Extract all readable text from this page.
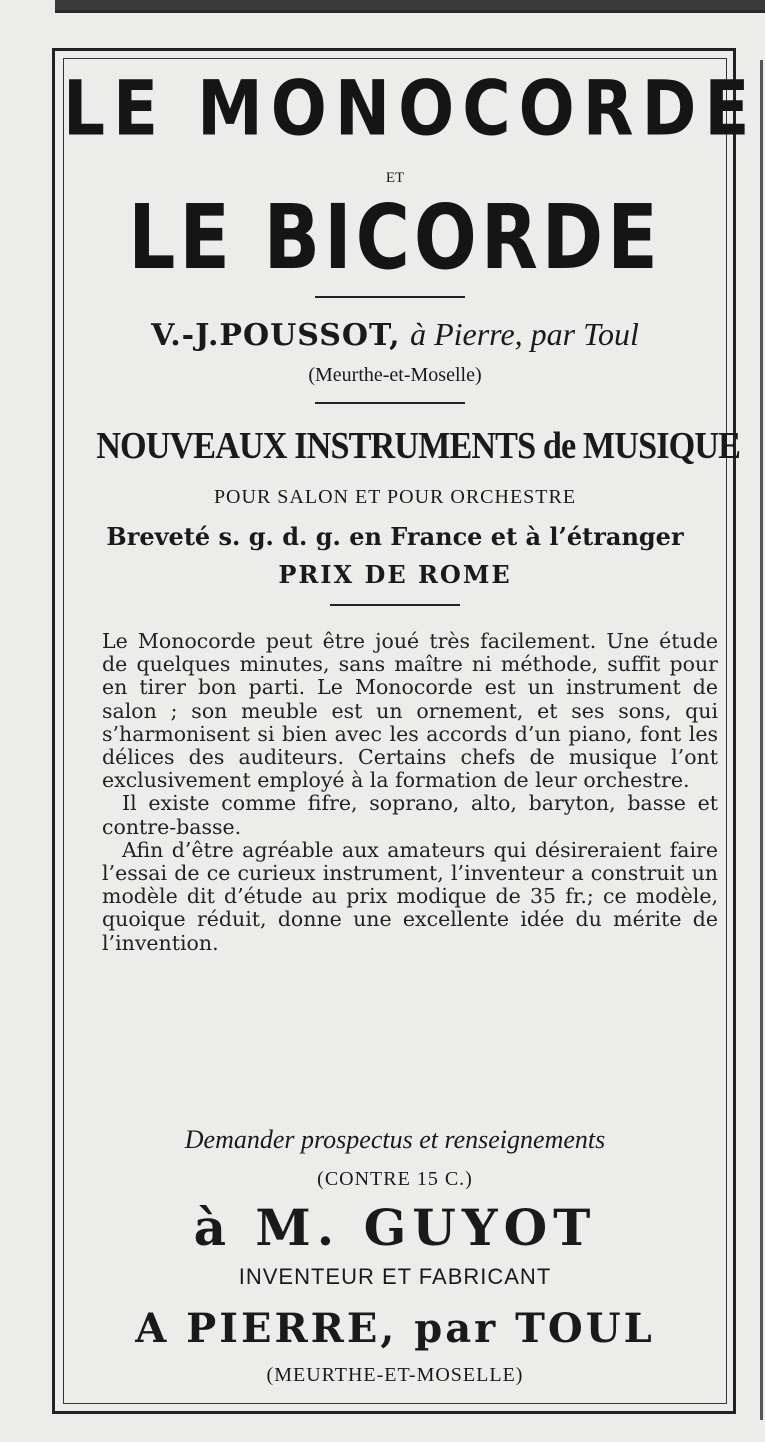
LE MONOCORDE
ET
LE BICORDE
V.-J.POUSSOT, à Pierre, par Toul
(Meurthe-et-Moselle)
NOUVEAUX INSTRUMENTS de MUSIQUE
POUR SALON ET POUR ORCHESTRE
Breveté s. g. d. g. en France et à l’étranger
PRIX DE ROME

Le Monocorde peut être joué très facilement. Une étude de quelques minutes, sans maître ni méthode, suffit pour en tirer bon parti. Le Monocorde est un instrument de salon ; son meuble est un ornement, et ses sons, qui s’harmonisent si bien avec les accords d’un piano, font les délices des auditeurs. Certains chefs de musique l’ont exclusivement employé à la formation de leur orchestre.

Il existe comme fifre, soprano, alto, baryton, basse et contre-basse.

Afin d’être agréable aux amateurs qui désireraient faire l’essai de ce curieux instrument, l’inventeur a construit un modèle dit d’étude au prix modique de 35 fr.; ce modèle, quoique réduit, donne une excellente idée du mérite de l’invention.

Demander prospectus et renseignements
(CONTRE 15 C.)
à M. GUYOT
INVENTEUR ET FABRICANT
A PIERRE, par TOUL
(MEURTHE-ET-MOSELLE)
